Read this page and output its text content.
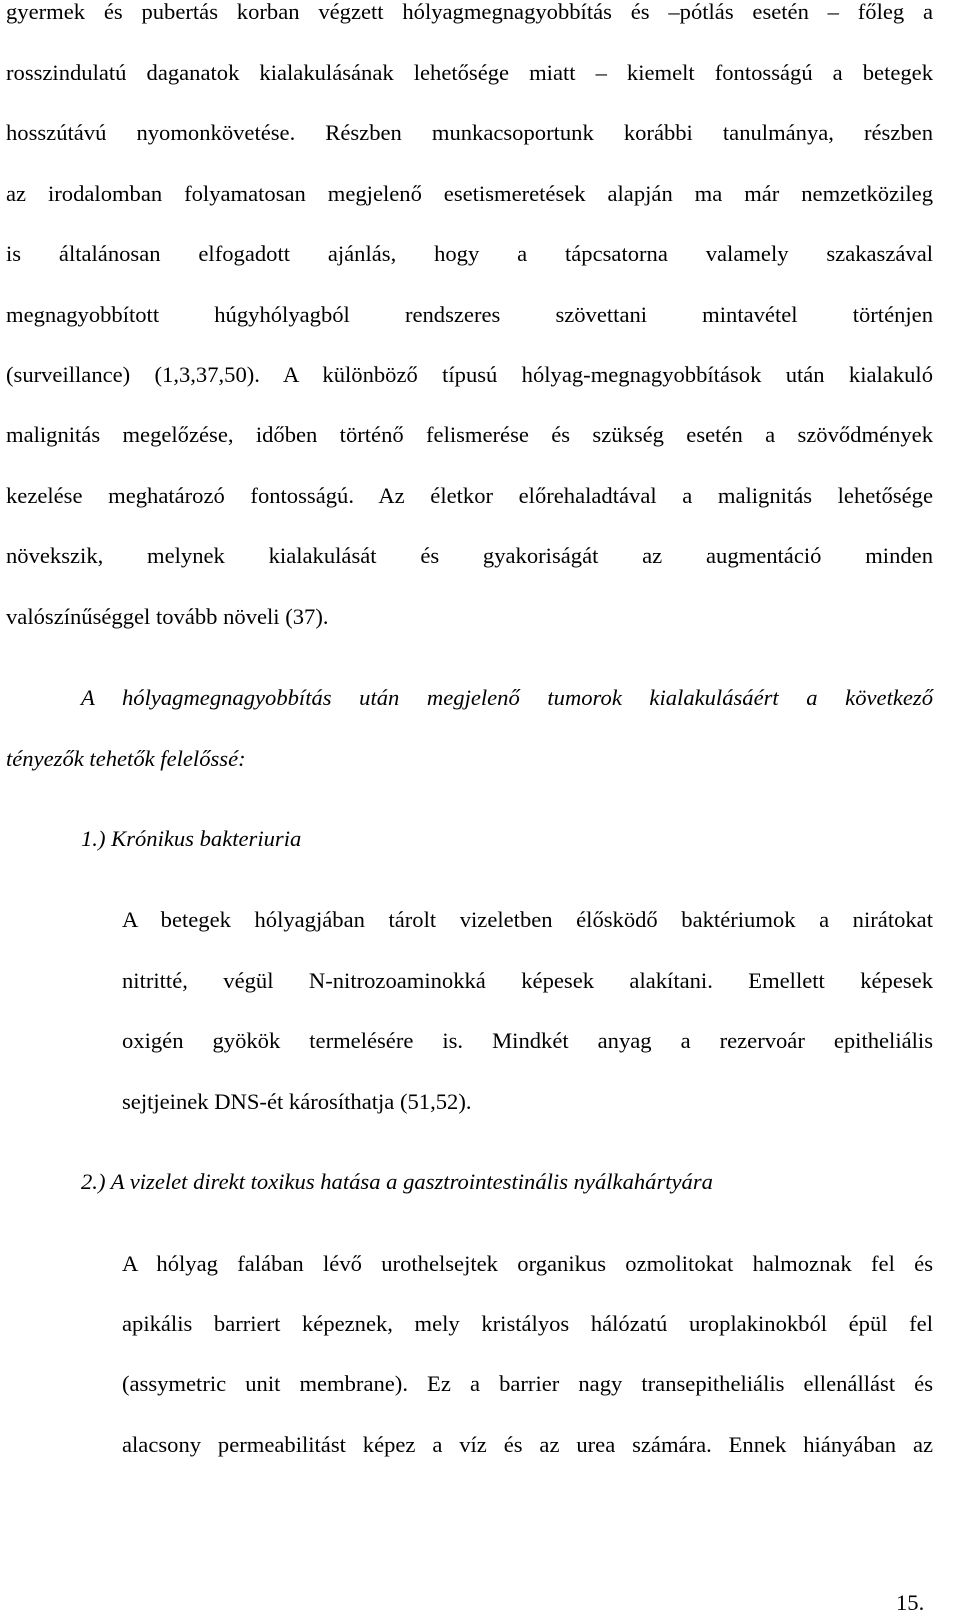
gyermek és pubertás korban végzett hólyagmegnagyobbítás és –pótlás esetén – főleg a
rosszindulatú daganatok kialakulásának lehetősége miatt – kiemelt fontosságú a betegek
hosszútávú nyomonkövetése. Részben munkacsoportunk korábbi tanulmánya, részben
az irodalomban folyamatosan megjelenő esetismeretések alapján ma már nemzetközileg
is általánosan elfogadott ajánlás, hogy a tápcsatorna valamely szakaszával
megnagyobbított húgyhólyagból rendszeres szövettani mintavétel történjen
(surveillance) (1,3,37,50). A különböző típusú hólyag-megnagyobbítások után kialakuló
malignitás megelőzése, időben történő felismerése és szükség esetén a szövődmények
kezelése meghatározó fontosságú. Az életkor előrehaladtával a malignitás lehetősége
növekszik, melynek kialakulását és gyakoriságát az augmentáció minden
valószínűséggel tovább növeli (37).
A hólyagmegnagyobbítás után megjelenő tumorok kialakulásáért a következő
tényezők tehetők felelőssé:
1.) Krónikus bakteriuria
A betegek hólyagjában tárolt vizeletben élősködő baktériumok a nirátokat
nitritté, végül N-nitrozoaminokká képesek alakítani. Emellett képesek
oxigén gyökök termelésére is. Mindkét anyag a rezervoár epitheliális
sejtjeinek DNS-ét károsíthatja (51,52).
2.) A vizelet direkt toxikus hatása a gasztrointestinális nyálkahártyára
A hólyag falában lévő urothelsejtek organikus ozmolitokat halmoznak fel és
apikális barriert képeznek, mely kristályos hálózatú uroplakinokból épül fel
(assymetric unit membrane). Ez a barrier nagy transepitheliális ellenállást és
alacsony permeabilitást képez a víz és az urea számára. Ennek hiányában az
15.
